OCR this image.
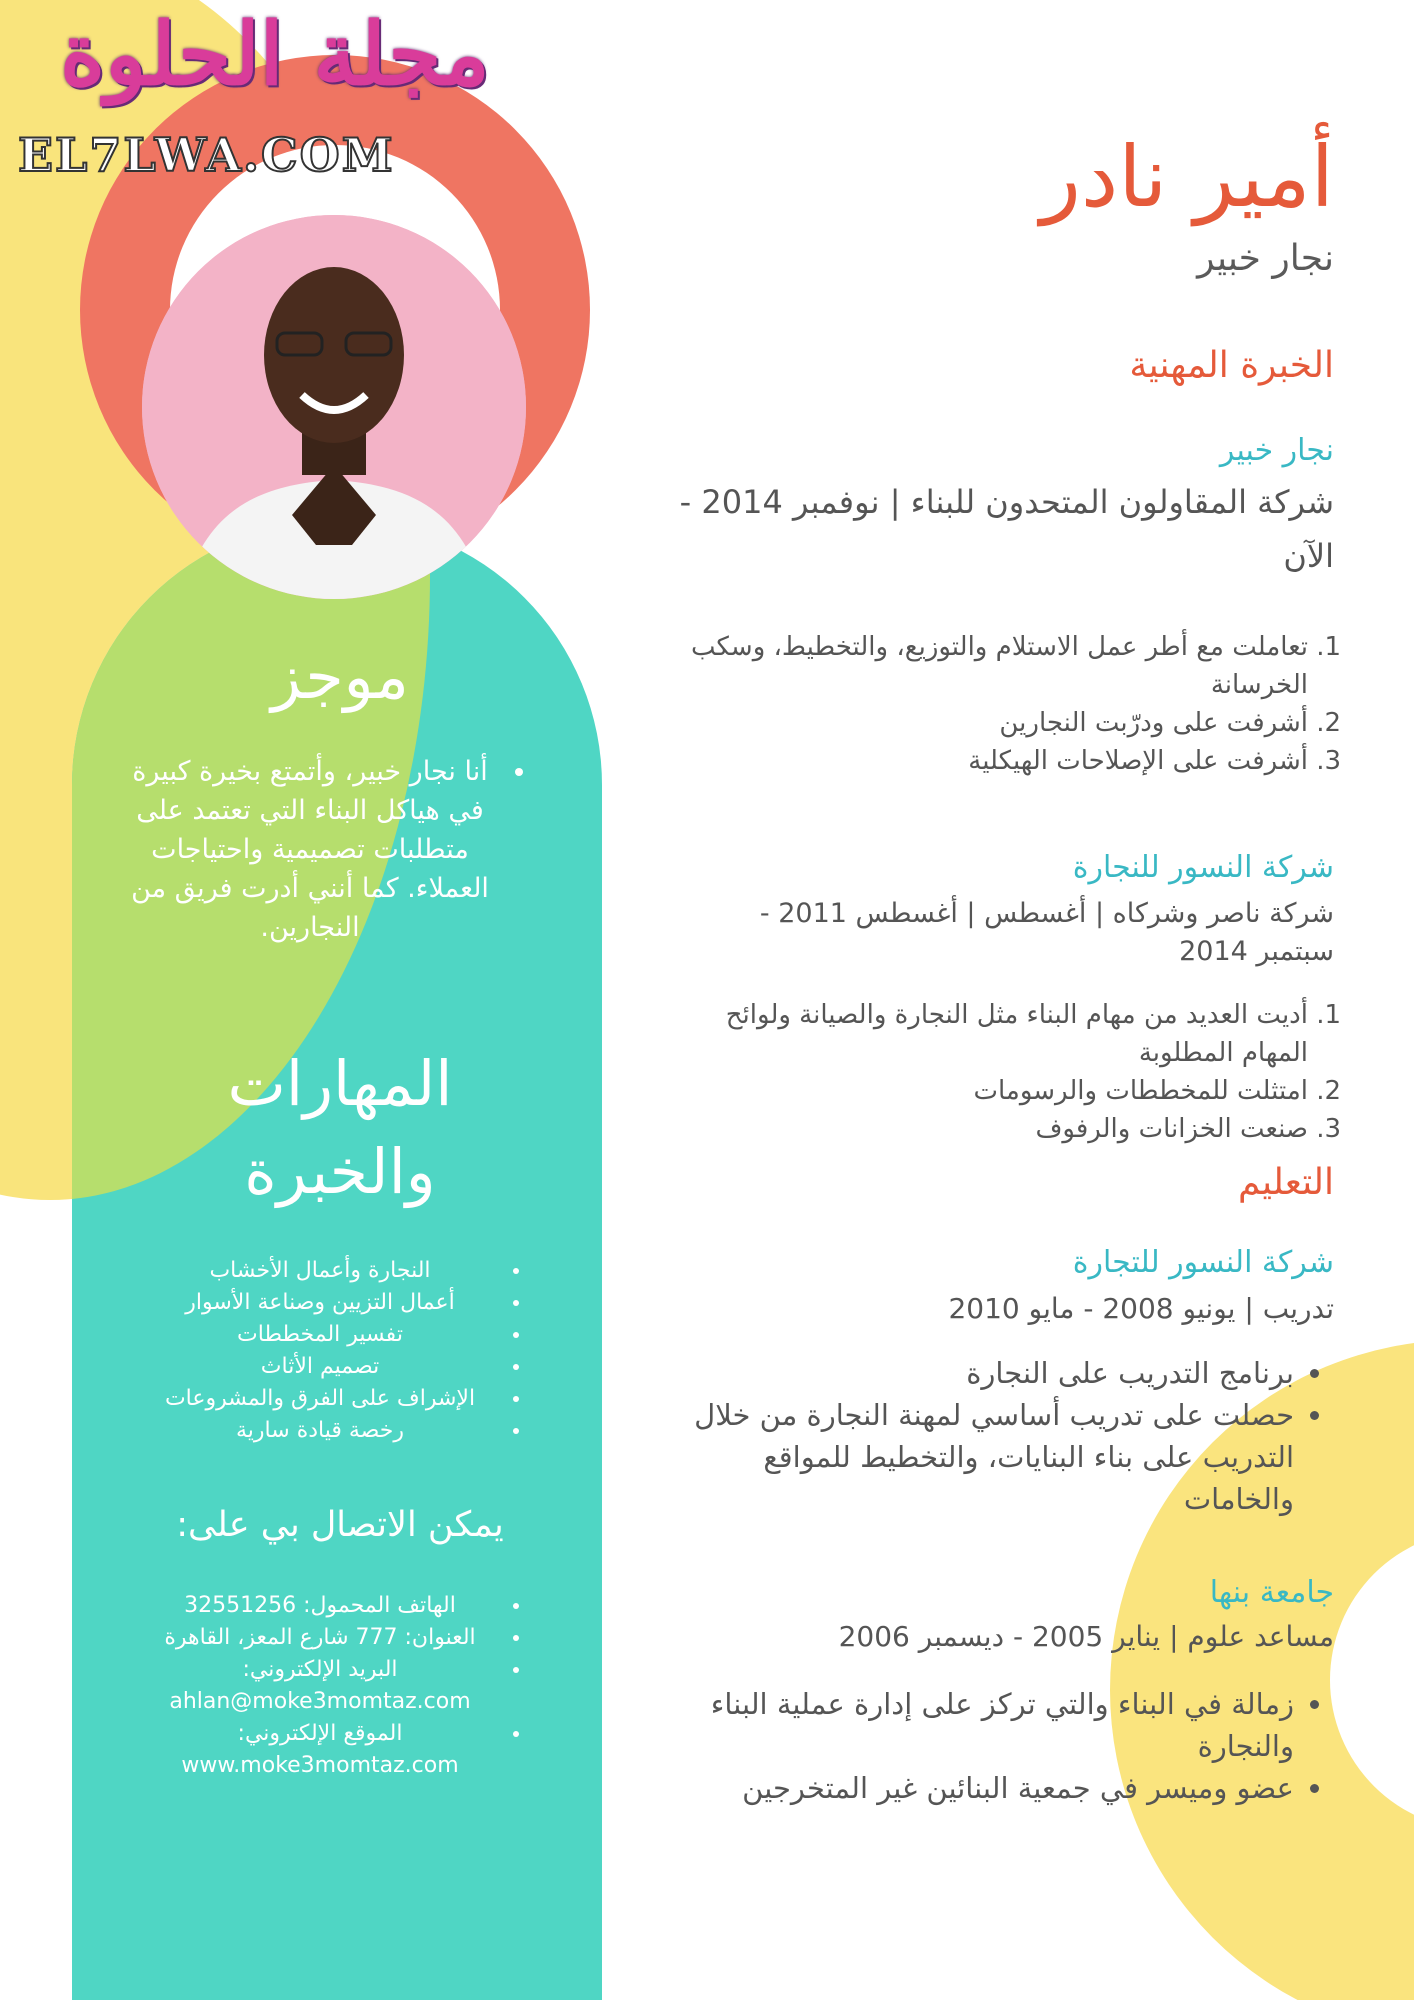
مجلة الحلوة
EL7LWA.COM	أمير نادر
نجار خبير
الخبرة المهنية
نجار خبير
شركة المقاولون المتحدون للبناء | نوفمبر 2014 - الآن
1. تعاملت مع أطر عمل الاستلام والتوزيع، والتخطيط، وسكب الخرسانة
2. أشرفت على ودرّبت النجارين
3. أشرفت على الإصلاحات الهيكلية
شركة النسور للنجارة
شركة ناصر وشركاه | أغسطس | أغسطس 2011 - سبتمبر 2014
1. أديت العديد من مهام البناء مثل النجارة والصيانة ولوائح المهام المطلوبة
2. امتثلت للمخططات والرسومات
3. صنعت الخزانات والرفوف
التعليم
شركة النسور للتجارة
تدريب | يونيو 2008 - مايو 2010
• برنامج التدريب على النجارة
• حصلت على تدريب أساسي لمهنة النجارة من خلال التدريب على بناء البنايات، والتخطيط للمواقع والخامات
جامعة بنها
مساعد علوم | يناير 2005 - ديسمبر 2006
• زمالة في البناء والتي تركز على إدارة عملية البناء والنجارة
• عضو وميسر في جمعية البنائين غير المتخرجين
موجز
• أنا نجار خبير، وأتمتع بخيرة كبيرة في هياكل البناء التي تعتمد على متطلبات تصميمية واحتياجات العملاء. كما أنني أدرت فريق من النجارين.
المهارات والخبرة
• النجارة وأعمال الأخشاب
• أعمال التزيين وصناعة الأسوار
• تفسير المخططات
• تصميم الأثاث
• الإشراف على الفرق والمشروعات
• رخصة قيادة سارية
يمكن الاتصال بي على:
• الهاتف المحمول: 32551256
• العنوان: 777 شارع المعز، القاهرة
• البريد الإلكتروني: ahlan@moke3momtaz.com
• الموقع الإلكتروني: www.moke3momtaz.com
